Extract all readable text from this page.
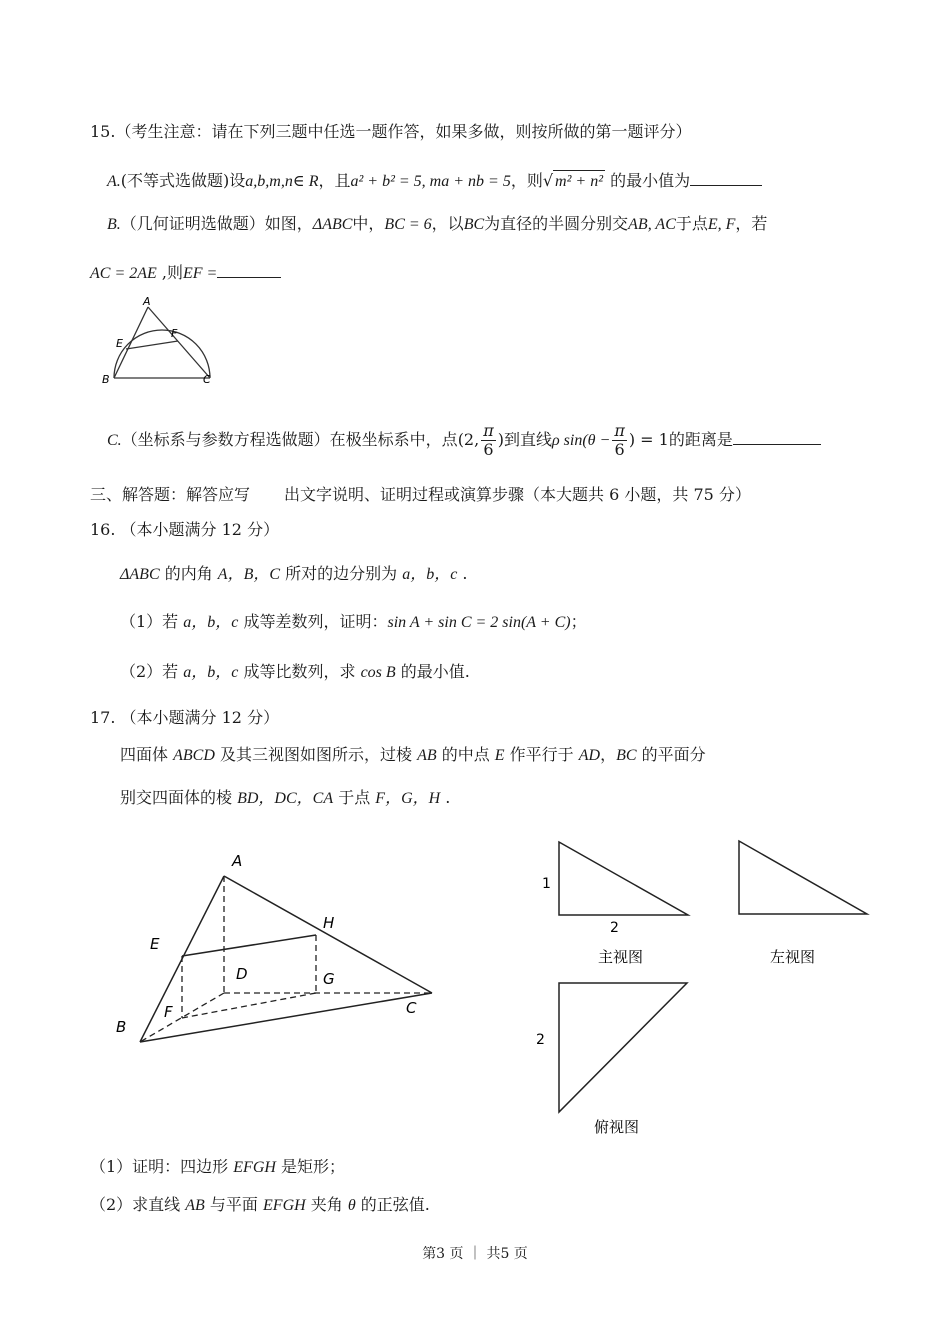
15.（考生注意：请在下列三题中任选一题作答，如果多做，则按所做的第一题评分）
A.(不等式选做题)设a,b,m,n∈ R，且a² + b² = 5, ma + nb = 5，则√ m² + n² 的最小值为
B.（几何证明选做题）如图，ΔABC中，BC = 6，以BC为直径的半圆分别交AB, AC于点E, F，若
AC = 2AE ,则EF =
A
E
F
B	C
C.（坐标系与参数方程选做题）在极坐标系中，点(2, $\frac{\pi}{6}$ )到直线ρ $\sin(\theta - \frac{\pi}{6}$ ) = 1的距离是
三、解答题：解答应写 出文字说明、证明过程或演算步骤（本大题共 6 小题，共 75 分）
16. （本小题满分 12 分）
ΔABC 的内角 A，B，C 所对的边分别为 a，b，c .
（1）若 a，b，c 成等差数列，证明：sin A + sin C = 2 sin(A + C)；
（2）若 a，b，c 成等比数列，求 cos B 的最小值.
17. （本小题满分 12 分）
四面体 ABCD 及其三视图如图所示，过棱 AB 的中点 E 作平行于 AD，BC 的平面分
别交四面体的棱 BD，DC，CA 于点 F，G，H .
A
E
H
D	G
F
B
C
1
2
主视图	左视图
2
俯视图
（1）证明：四边形 EFGH 是矩形；
（2）求直线 AB 与平面 EFGH 夹角 θ 的正弦值.
第3 页 ｜ 共5 页
